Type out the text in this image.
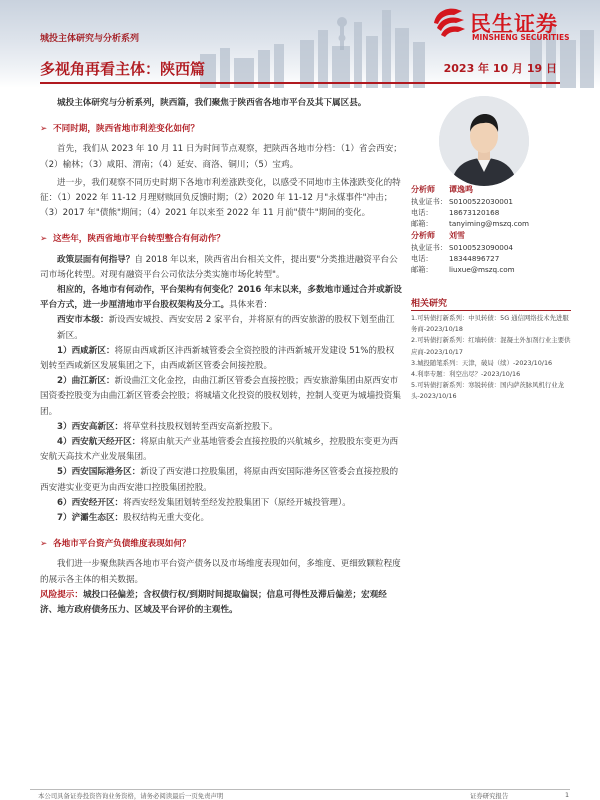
民生证券
MINSHENG SECURITIES
城投主体研究与分析系列
多视角再看主体：陕西篇	2023 年 10 月 19 日

城投主体研究与分析系列，陕西篇，我们聚焦于陕西省各地市平台及其下属区县。

➢ 不同时期，陕西省地市利差变化如何？

首先，我们从 2023 年 10 月 11 日为时间节点观察，把陕西各地市分档：（1）省会西安；（2）榆林；（3）咸阳、渭南；（4）延安、商洛、铜川；（5）宝鸡。

进一步，我们观察不同历史时期下各地市利差涨跌变化，以感受不同地市主体涨跌变化的特征：（1）2022 年 11-12 月理财赎回负反馈时期；（2）2020 年 11-12 月"永煤事件"冲击；（3）2017 年"债熊"期间；（4）2021 年以来至 2022 年 11 月前"债牛"期间的变化。

➢ 这些年，陕西省地市平台转型整合有何动作？

政策层面有何指导？自 2018 年以来，陕西省出台相关文件，提出要"分类推进融资平台公司市场化转型。对现有融资平台公司依法分类实施市场化转型"。

相应的，各地市有何动作，平台架构有何变化？2016 年末以来，多数地市通过合并或新设平台方式，进一步厘清地市平台股权架构及分工。具体来看：

西安市本级：新设西安城投、西安安居 2 家平台，并将原有的西安旅游的股权下划至曲江新区。

1）西咸新区：将原由西咸新区沣西新城管委会全资控股的沣西新城开发建设 51%的股权划转至西咸新区发展集团之下，由西咸新区管委会间接控股。

2）曲江新区：新设曲江文化金控，由曲江新区管委会直接控股；西安旅游集团由原西安市国资委控股变为由曲江新区管委会控股；将城墙文化投资的股权划转，控制人变更为城墙投资集团。

3）西安高新区：将草堂科技股权划转至西安高新控股下。

4）西安航天经开区：将原由航天产业基地管委会直接控股的兴航城乡，控股股东变更为西安航天高技术产业发展集团。

5）西安国际港务区：新设了西安港口控股集团，将原由西安国际港务区管委会直接控股的西安港实业变更为由西安港口控股集团控股。

6）西安经开区：将西安经发集团划转至经发控股集团下（原经开城投管理）。

7）浐灞生态区：股权结构无重大变化。

➢ 各地市平台资产负债维度表现如何？

我们进一步聚焦陕西各地市平台资产债务以及市场维度表现如何，多维度、更细致颗粒程度的展示各主体的相关数据。

风险提示：城投口径偏差；含权债行权/到期时间提取偏误；信息可得性及滞后偏差；宏观经济、地方政府债务压力、区域及平台评价的主观性。

分析师 谭逸鸣
执业证书： S0100522030001
电话： 18673120168
邮箱： tanyiming@mszq.com
分析师 刘雪
执业证书： S0100523090004
电话： 18344896727
邮箱： liuxue@mszq.com
相关研究

1.可转债打新系列：中贝转债：5G 通信网络技术先进服务商-2023/10/18

2.可转债打新系列：红墙转债：混凝土外加剂行业主要供应商-2023/10/17

3.城投随笔系列：天津，破局（续）-2023/10/16

4.利率专题：利空出尽？-2023/10/16

5.可转债打新系列：寒锐转债：国内萨茨脉风机行业龙头-2023/10/16

本公司具备证券投资咨询业务资格，请务必阅读最后一页免责声明	证券研究报告	1
